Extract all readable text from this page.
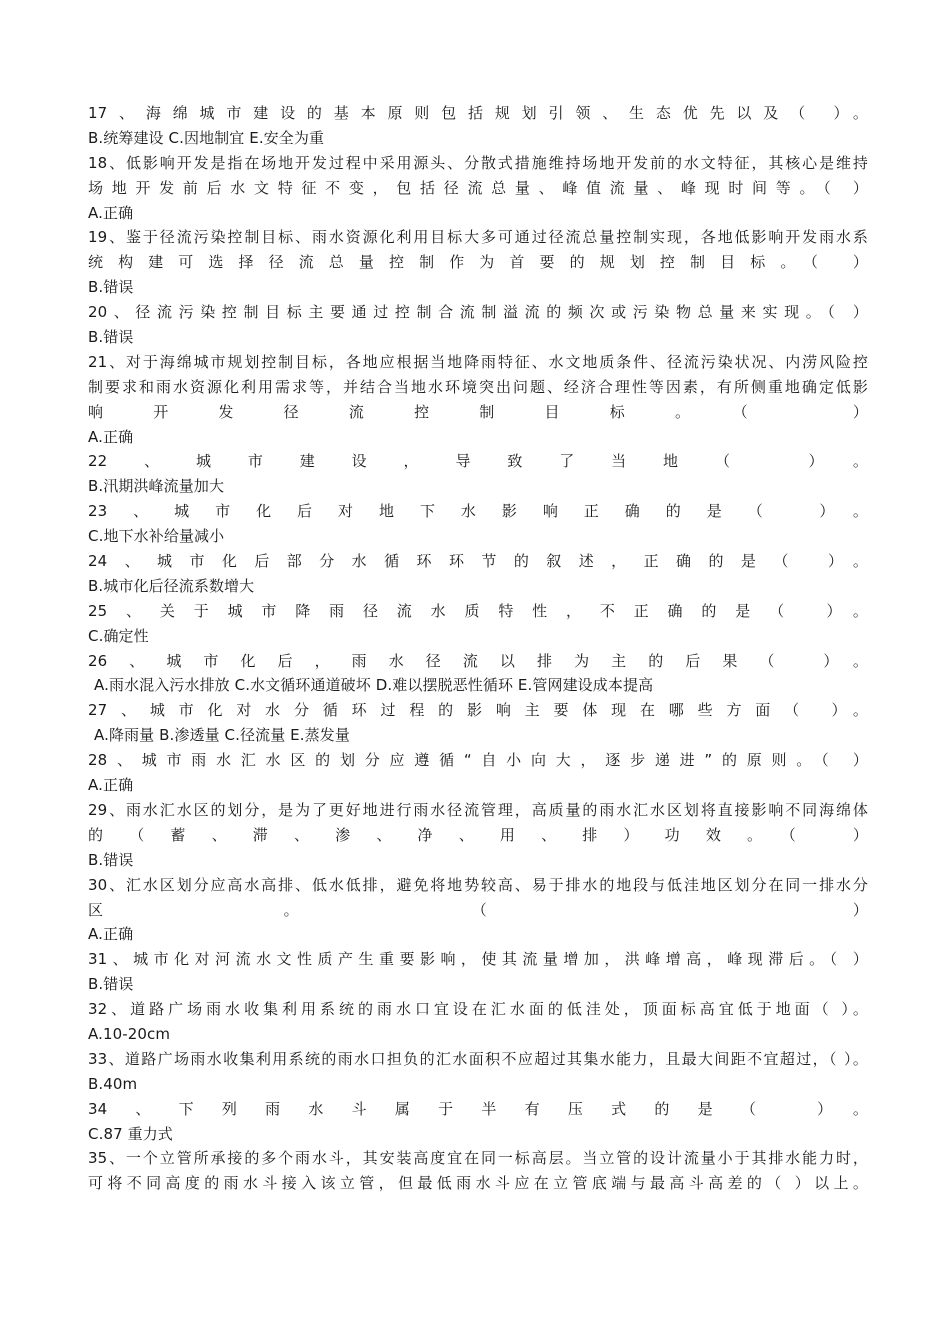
17、海绵城市建设的基本原则包括规划引领、生态优先以及（ ）。
B.统筹建设 C.因地制宜 E.安全为重
18、低影响开发是指在场地开发过程中采用源头、分散式措施维持场地开发前的水文特征，其核心是维持
场地开发前后水文特征不变，包括径流总量、峰值流量、峰现时间等。（ ）
A.正确
19、鉴于径流污染控制目标、雨水资源化利用目标大多可通过径流总量控制实现，各地低影响开发雨水系
统构建可选择径流总量控制作为首要的规划控制目标。（ ）
B.错误
20、径流污染控制目标主要通过控制合流制溢流的频次或污染物总量来实现。（ ）
B.错误
21、对于海绵城市规划控制目标，各地应根据当地降雨特征、水文地质条件、径流污染状况、内涝风险控
制要求和雨水资源化利用需求等，并结合当地水环境突出问题、经济合理性等因素，有所侧重地确定低影
响开发径流控制目标。（ ）
A.正确
22、城市建设，导致了当地（ ）。
B.汛期洪峰流量加大
23、城市化后对地下水影响正确的是（ ）。
C.地下水补给量减小
24、城市化后部分水循环环节的叙述，正确的是（ ）。
B.城市化后径流系数增大
25、关于城市降雨径流水质特性，不正确的是（ ）。
C.确定性
26、城市化后，雨水径流以排为主的后果（ ）。
A.雨水混入污水排放 C.水文循环通道破坏 D.难以摆脱恶性循环 E.管网建设成本提高
27、城市化对水分循环过程的影响主要体现在哪些方面（ ）。
A.降雨量 B.渗透量 C.径流量 E.蒸发量
28、城市雨水汇水区的划分应遵循“自小向大，逐步递进”的原则。（ ）
A.正确
29、雨水汇水区的划分，是为了更好地进行雨水径流管理，高质量的雨水汇水区划将直接影响不同海绵体
的（蓄、滞、渗、净、用、排）功效。（ ）
B.错误
30、汇水区划分应高水高排、低水低排，避免将地势较高、易于排水的地段与低洼地区划分在同一排水分
区。（ ）
A.正确
31、城市化对河流水文性质产生重要影响，使其流量增加，洪峰增高，峰现滞后。（ ）
B.错误
32、道路广场雨水收集利用系统的雨水口宜设在汇水面的低洼处，顶面标高宜低于地面（ ）。
A.10-20cm
33、道路广场雨水收集利用系统的雨水口担负的汇水面积不应超过其集水能力，且最大间距不宜超过，（ ）。
B.40m
34、下列雨水斗属于半有压式的是（ ）。
C.87 重力式
35、一个立管所承接的多个雨水斗，其安装高度宜在同一标高层。当立管的设计流量小于其排水能力时，
可将不同高度的雨水斗接入该立管，但最低雨水斗应在立管底端与最高斗高差的（ ）以上。
